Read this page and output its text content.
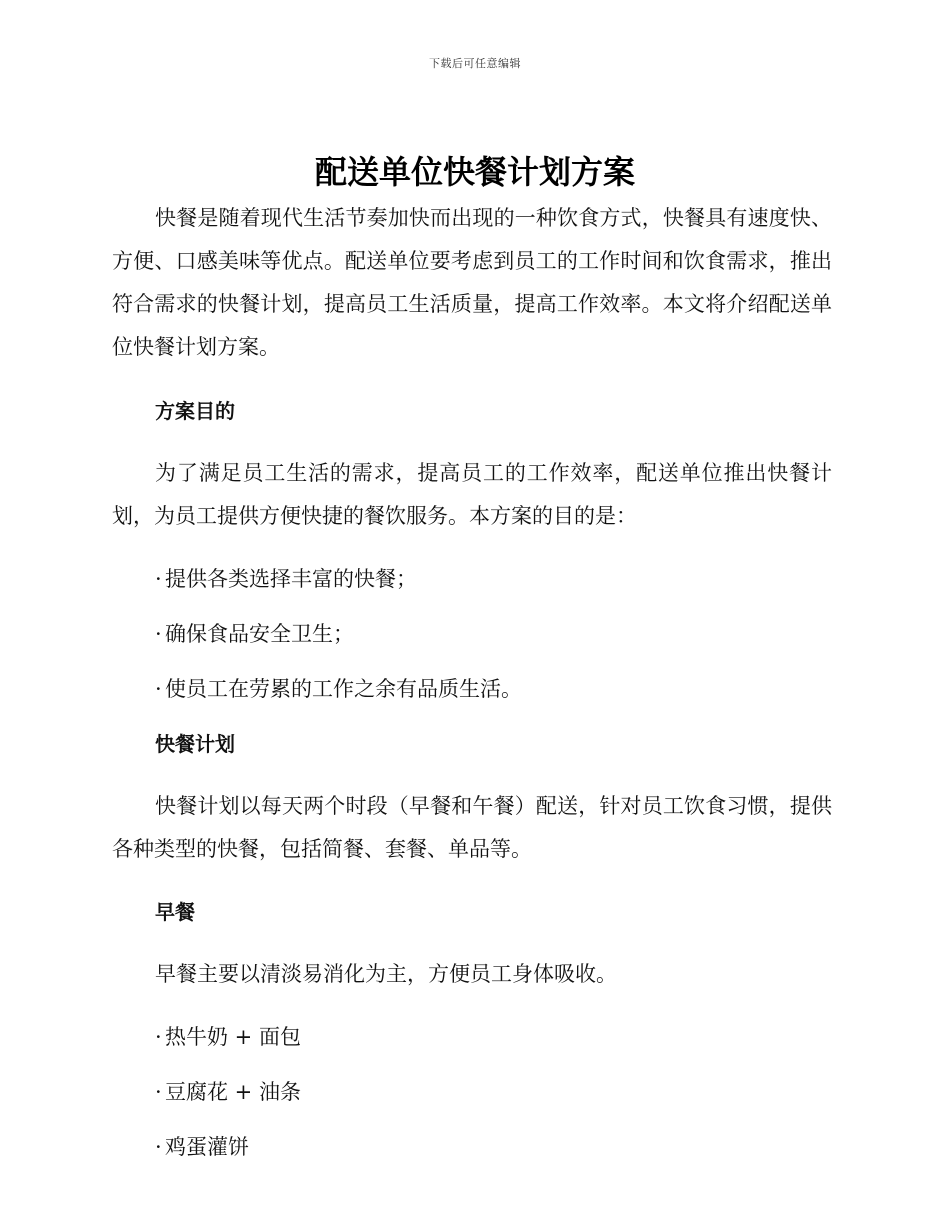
下载后可任意编辑
配送单位快餐计划方案

快餐是随着现代生活节奏加快而出现的一种饮食方式，快餐具有速度快、方便、口感美味等优点。配送单位要考虑到员工的工作时间和饮食需求，推出符合需求的快餐计划，提高员工生活质量，提高工作效率。本文将介绍配送单位快餐计划方案。

方案目的

为了满足员工生活的需求，提高员工的工作效率，配送单位推出快餐计划，为员工提供方便快捷的餐饮服务。本方案的目的是：

· 提供各类选择丰富的快餐；

· 确保食品安全卫生；

· 使员工在劳累的工作之余有品质生活。

快餐计划

快餐计划以每天两个时段（早餐和午餐）配送，针对员工饮食习惯，提供各种类型的快餐，包括简餐、套餐、单品等。

早餐

早餐主要以清淡易消化为主，方便员工身体吸收。

· 热牛奶 + 面包

· 豆腐花 + 油条

· 鸡蛋灌饼
